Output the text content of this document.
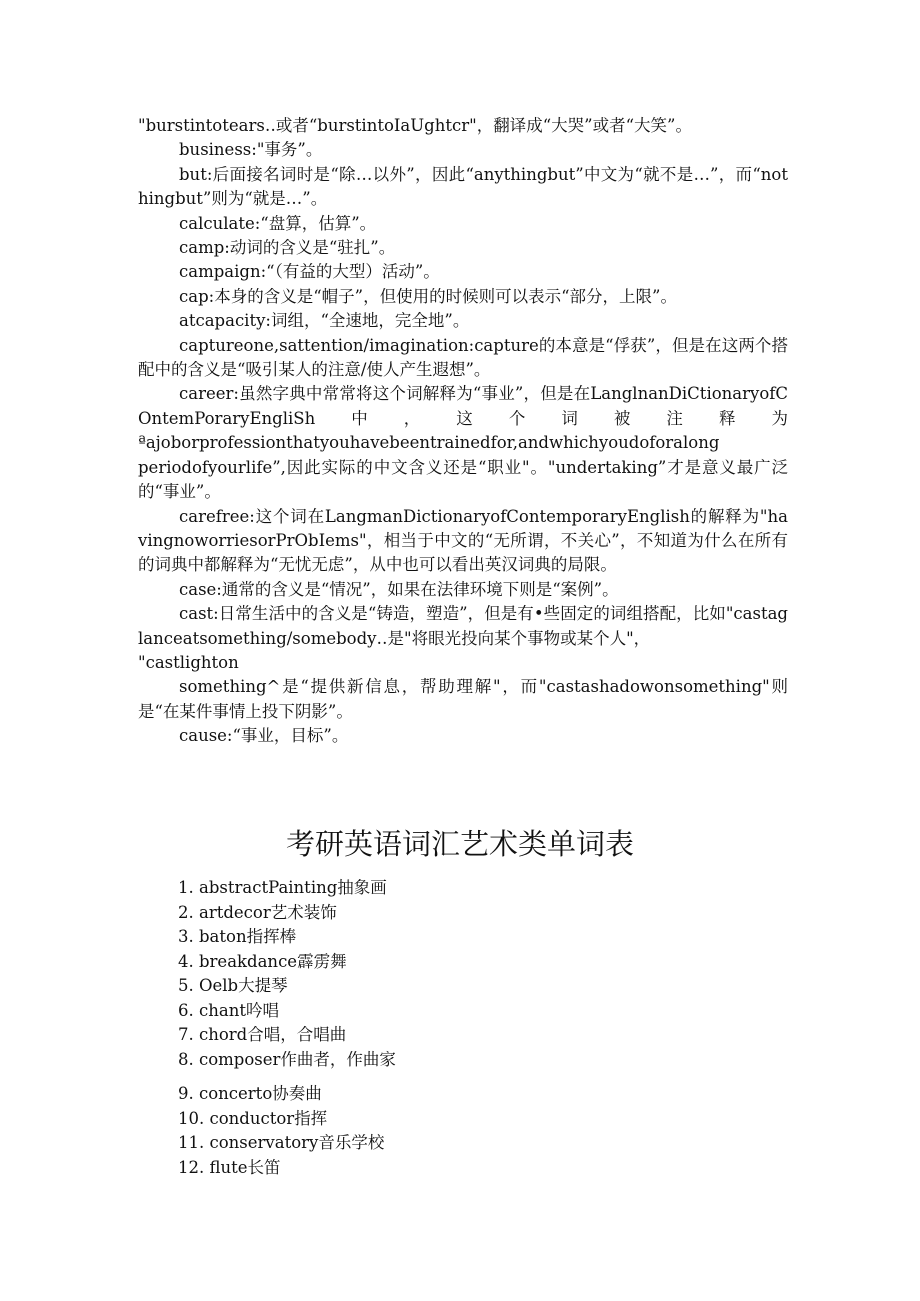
"burstintotears‥或者“burstintoIaUghtcr"，翻译成“大哭”或者“大笑”。

business:"事务”。

but:后面接名词时是“除…以外”，因此“anythingbut”中文为“就不是…”，而“nothingbut”则为“就是…”。

calculate:“盘算，估算”。

camp:动词的含义是“驻扎”。

campaign:“（有益的大型）活动”。

cap:本身的含义是“帽子”，但使用的时候则可以表示“部分，上限”。

atcapacity:词组，“全速地，完全地”。

captureone,sattention/imagination:capture的本意是“俘获”，但是在这两个搭配中的含义是“吸引某人的注意/使人产生遐想”。

career:虽然字典中常常将这个词解释为“事业”，但是在LanglnanDiCtionaryofCOntemPoraryEngliSh中，这个词被注释为

ªajoborprofessionthatyouhavebeentrainedfor,andwhichyoudoforalong

periodofyourlife”,因此实际的中文含义还是“职业"。"undertaking”才是意义最广泛的“事业”。

carefree:这个词在LangmanDictionaryofContemporaryEnglish的解释为"havingnoworriesorPrObIems"，相当于中文的“无所谓，不关心”，不知道为什么在所有的词典中都解释为“无忧无虑”，从中也可以看出英汉词典的局限。

case:通常的含义是“情况”，如果在法律环境下则是“案例”。

cast:日常生活中的含义是“铸造，塑造”，但是有•些固定的词组搭配，比如"castaglanceatsomething/somebody‥是"将眼光投向某个事物或某个人"，

"castlighton

something^是“提供新信息，帮助理解"，而"castashadowonsomething"则是“在某件事情上投下阴影”。

cause:“事业，目标”。

考研英语词汇艺术类单词表
1. abstractPainting抽象画
2. artdecor艺术装饰
3. baton指挥棒
4. breakdance霹雳舞
5. Oelb大提琴
6. chant吟唱
7. chord合唱，合唱曲
8. composer作曲者，作曲家
9. concerto协奏曲
10. conductor指挥
11. conservatory音乐学校
12. flute长笛
